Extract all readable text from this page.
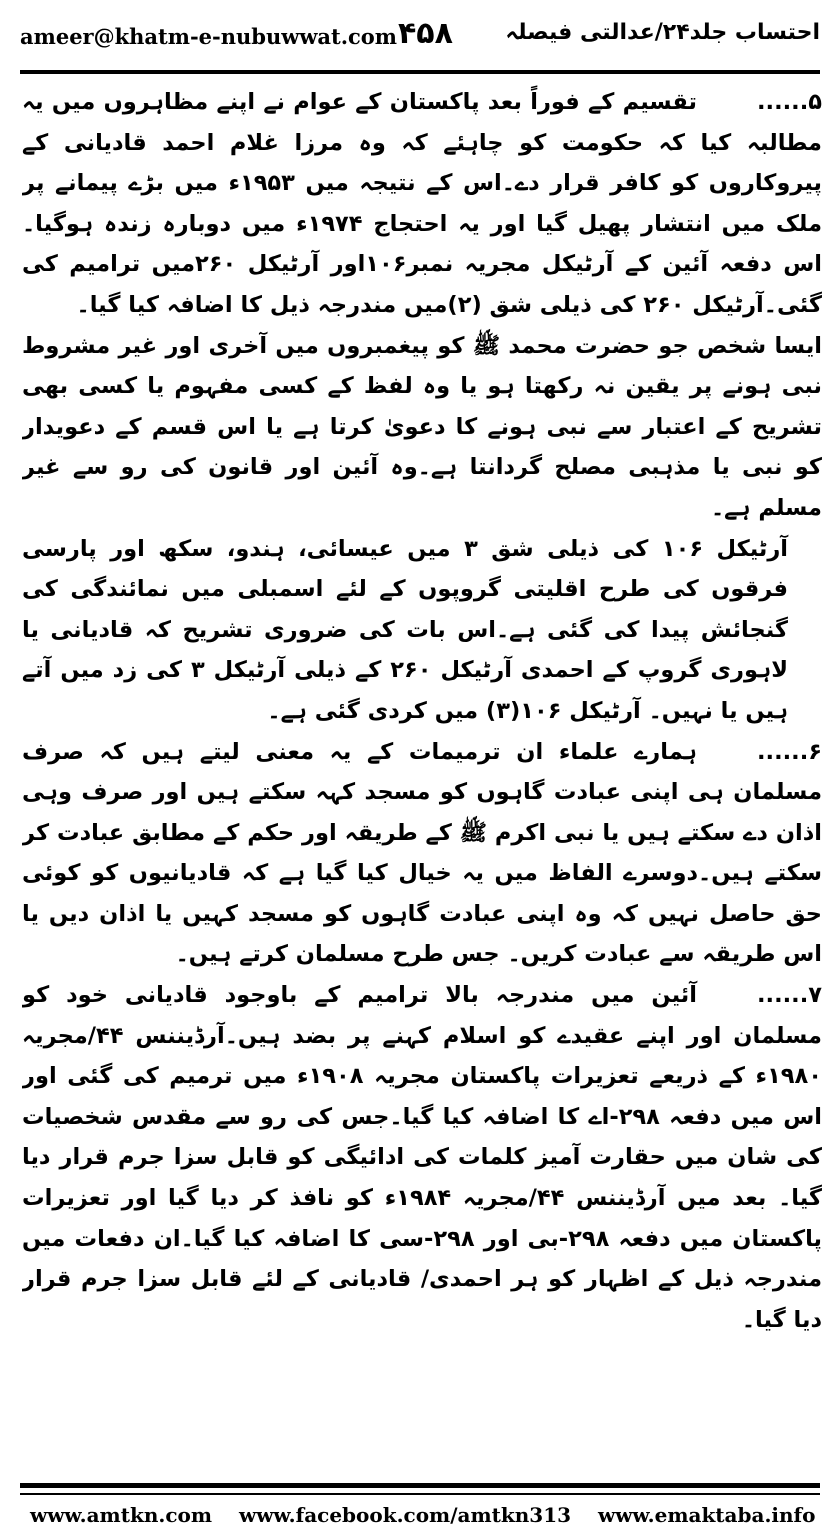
ameer@khatm-e-nubuwwat.com ۴۵۸ احتساب جلد۲۴/عدالتی فیصلہ

۵......تقسیم کے فوراً بعد پاکستان کے عوام نے اپنے مظاہروں میں یہ مطالبہ کیا کہ حکومت کو چاہئے کہ وہ مرزا غلام احمد قادیانی کے پیروکاروں کو کافر قرار دے۔اس کے نتیجہ میں ۱۹۵۳ء میں بڑے پیمانے پر ملک میں انتشار پھیل گیا اور یہ احتجاج ۱۹۷۴ء میں دوبارہ زندہ ہوگیا۔اس دفعہ آئین کے آرٹیکل مجریہ نمبر۱۰۶اور آرٹیکل ۲۶۰میں ترامیم کی گئی۔آرٹیکل ۲۶۰ کی ذیلی شق (۲)میں مندرجہ ذیل کا اضافہ کیا گیا۔

ایسا شخص جو حضرت محمد ﷺ کو پیغمبروں میں آخری اور غیر مشروط نبی ہونے پر یقین نہ رکھتا ہو یا وہ لفظ کے کسی مفہوم یا کسی بھی تشریح کے اعتبار سے نبی ہونے کا دعویٰ کرتا ہے یا اس قسم کے دعویدار کو نبی یا مذہبی مصلح گردانتا ہے۔وہ آئین اور قانون کی رو سے غیر مسلم ہے۔

آرٹیکل ۱۰۶ کی ذیلی شق ۳ میں عیسائی، ہندو، سکھ اور پارسی فرقوں کی طرح اقلیتی گروپوں کے لئے اسمبلی میں نمائندگی کی گنجائش پیدا کی گئی ہے۔اس بات کی ضروری تشریح کہ قادیانی یا لاہوری گروپ کے احمدی آرٹیکل ۲۶۰ کے ذیلی آرٹیکل ۳ کی زد میں آتے ہیں یا نہیں۔ آرٹیکل ۱۰۶(۳) میں کردی گئی ہے۔

۶......ہمارے علماء ان ترمیمات کے یہ معنی لیتے ہیں کہ صرف مسلمان ہی اپنی عبادت گاہوں کو مسجد کہہ سکتے ہیں اور صرف وہی اذان دے سکتے ہیں یا نبی اکرم ﷺ کے طریقہ اور حکم کے مطابق عبادت کر سکتے ہیں۔دوسرے الفاظ میں یہ خیال کیا گیا ہے کہ قادیانیوں کو کوئی حق حاصل نہیں کہ وہ اپنی عبادت گاہوں کو مسجد کہیں یا اذان دیں یا اس طریقہ سے عبادت کریں۔ جس طرح مسلمان کرتے ہیں۔

۷......آئین میں مندرجہ بالا ترامیم کے باوجود قادیانی خود کو مسلمان اور اپنے عقیدے کو اسلام کہنے پر بضد ہیں۔آرڈیننس ۴۴/مجریہ ۱۹۸۰ء کے ذریعے تعزیرات پاکستان مجریہ ۱۹۰۸ء میں ترمیم کی گئی اور اس میں دفعہ ۲۹۸-اے کا اضافہ کیا گیا۔جس کی رو سے مقدس شخصیات کی شان میں حقارت آمیز کلمات کی ادائیگی کو قابل سزا جرم قرار دیا گیا۔ بعد میں آرڈیننس ۴۴/مجریہ ۱۹۸۴ء کو نافذ کر دیا گیا اور تعزیرات پاکستان میں دفعہ ۲۹۸-بی اور ۲۹۸-سی کا اضافہ کیا گیا۔ان دفعات میں مندرجہ ذیل کے اظہار کو ہر احمدی/ قادیانی کے لئے قابل سزا جرم قرار دیا گیا۔

www.amtkn.com www.facebook.com/amtkn313 www.emaktaba.info
